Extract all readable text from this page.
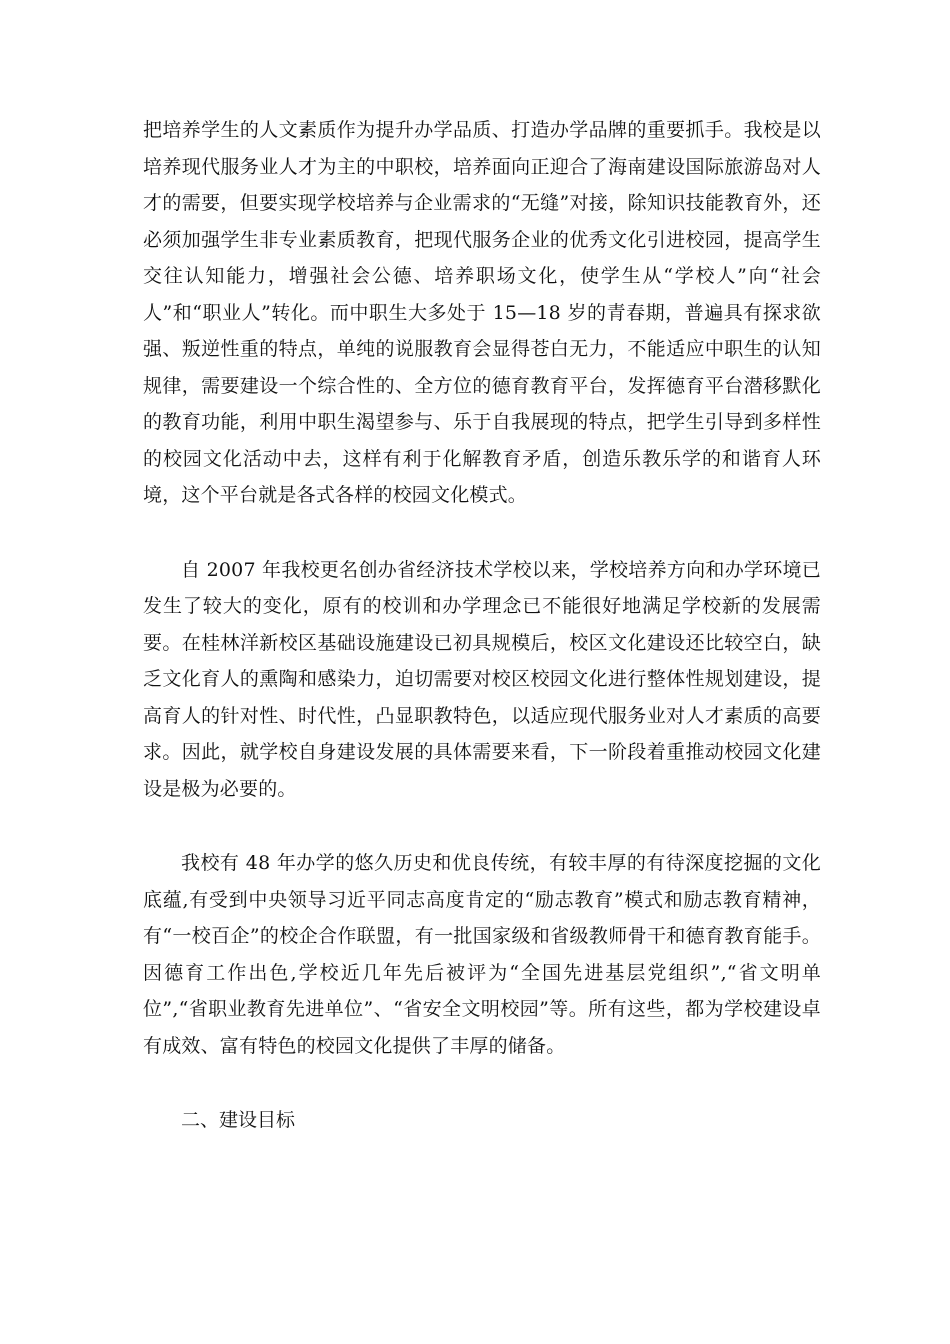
把培养学生的人文素质作为提升办学品质、打造办学品牌的重要抓手。我校是以培养现代服务业人才为主的中职校，培养面向正迎合了海南建设国际旅游岛对人才的需要，但要实现学校培养与企业需求的“无缝”对接，除知识技能教育外，还必须加强学生非专业素质教育，把现代服务企业的优秀文化引进校园，提高学生交往认知能力，增强社会公德、培养职场文化，使学生从“学校人”向“社会人”和“职业人”转化。而中职生大多处于 15—18 岁的青春期，普遍具有探求欲强、叛逆性重的特点，单纯的说服教育会显得苍白无力，不能适应中职生的认知规律，需要建设一个综合性的、全方位的德育教育平台，发挥德育平台潜移默化的教育功能，利用中职生渴望参与、乐于自我展现的特点，把学生引导到多样性的校园文化活动中去，这样有利于化解教育矛盾，创造乐教乐学的和谐育人环境，这个平台就是各式各样的校园文化模式。

自 2007 年我校更名创办省经济技术学校以来，学校培养方向和办学环境已发生了较大的变化，原有的校训和办学理念已不能很好地满足学校新的发展需要。在桂林洋新校区基础设施建设已初具规模后，校区文化建设还比较空白，缺乏文化育人的熏陶和感染力，迫切需要对校区校园文化进行整体性规划建设，提高育人的针对性、时代性，凸显职教特色，以适应现代服务业对人才素质的高要求。因此，就学校自身建设发展的具体需要来看，下一阶段着重推动校园文化建设是极为必要的。

我校有 48 年办学的悠久历史和优良传统，有较丰厚的有待深度挖掘的文化底蕴,有受到中央领导习近平同志高度肯定的“励志教育”模式和励志教育精神，有“一校百企”的校企合作联盟，有一批国家级和省级教师骨干和德育教育能手。因德育工作出色,学校近几年先后被评为“全国先进基层党组织”,“省文明单位”,“省职业教育先进单位”、“省安全文明校园”等。所有这些，都为学校建设卓有成效、富有特色的校园文化提供了丰厚的储备。

二、建设目标
